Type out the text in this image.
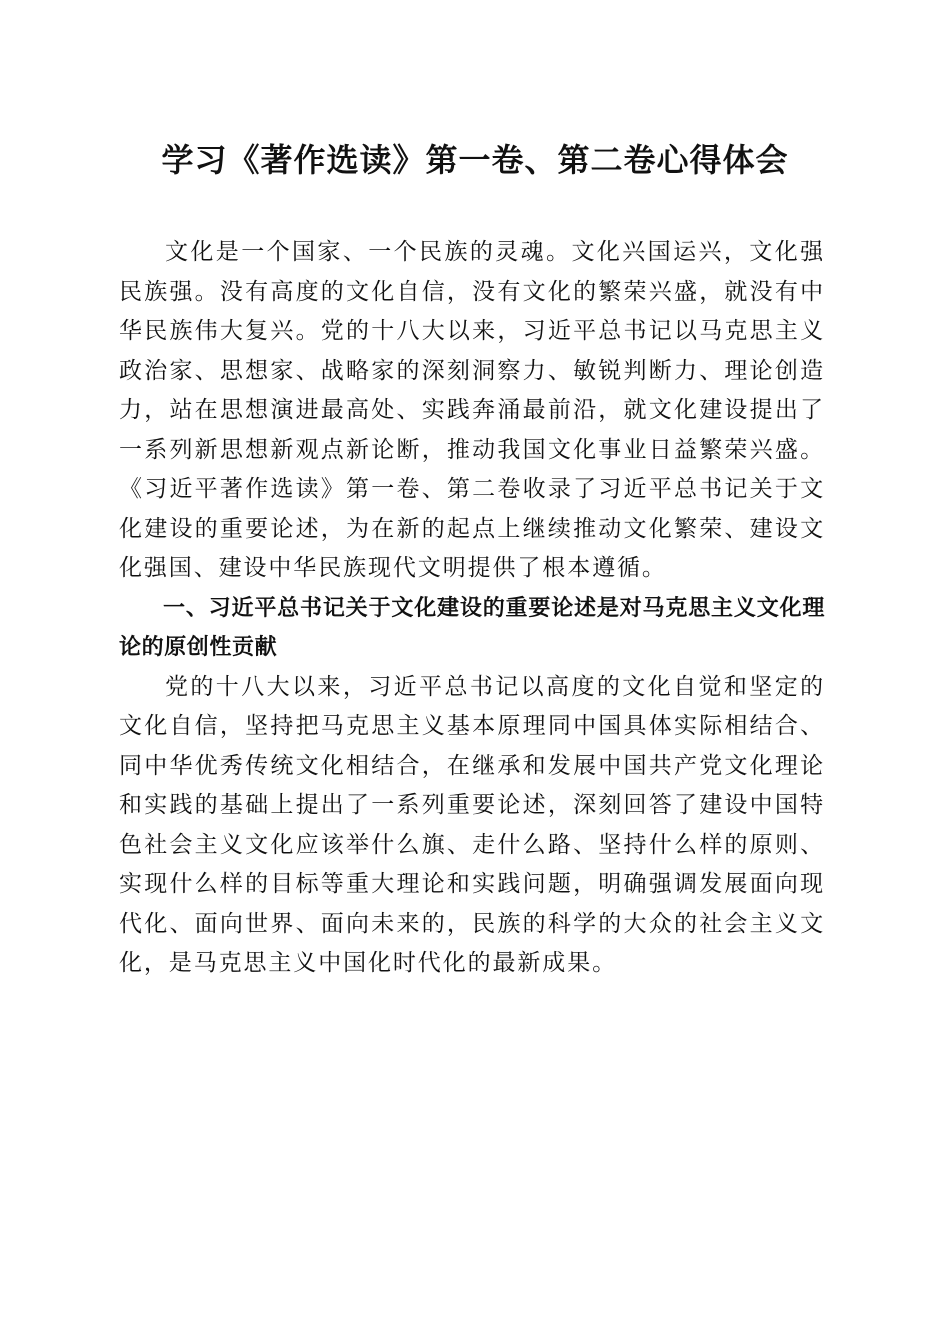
学习《著作选读》第一卷、第二卷心得体会

文化是一个国家、一个民族的灵魂。文化兴国运兴，文化强民族强。没有高度的文化自信，没有文化的繁荣兴盛，就没有中华民族伟大复兴。党的十八大以来，习近平总书记以马克思主义政治家、思想家、战略家的深刻洞察力、敏锐判断力、理论创造力，站在思想演进最高处、实践奔涌最前沿，就文化建设提出了一系列新思想新观点新论断，推动我国文化事业日益繁荣兴盛。《习近平著作选读》第一卷、第二卷收录了习近平总书记关于文化建设的重要论述，为在新的起点上继续推动文化繁荣、建设文化强国、建设中华民族现代文明提供了根本遵循。

一、习近平总书记关于文化建设的重要论述是对马克思主义文化理论的原创性贡献

党的十八大以来，习近平总书记以高度的文化自觉和坚定的文化自信，坚持把马克思主义基本原理同中国具体实际相结合、同中华优秀传统文化相结合，在继承和发展中国共产党文化理论和实践的基础上提出了一系列重要论述，深刻回答了建设中国特色社会主义文化应该举什么旗、走什么路、坚持什么样的原则、实现什么样的目标等重大理论和实践问题，明确强调发展面向现代化、面向世界、面向未来的，民族的科学的大众的社会主义文化，是马克思主义中国化时代化的最新成果。
